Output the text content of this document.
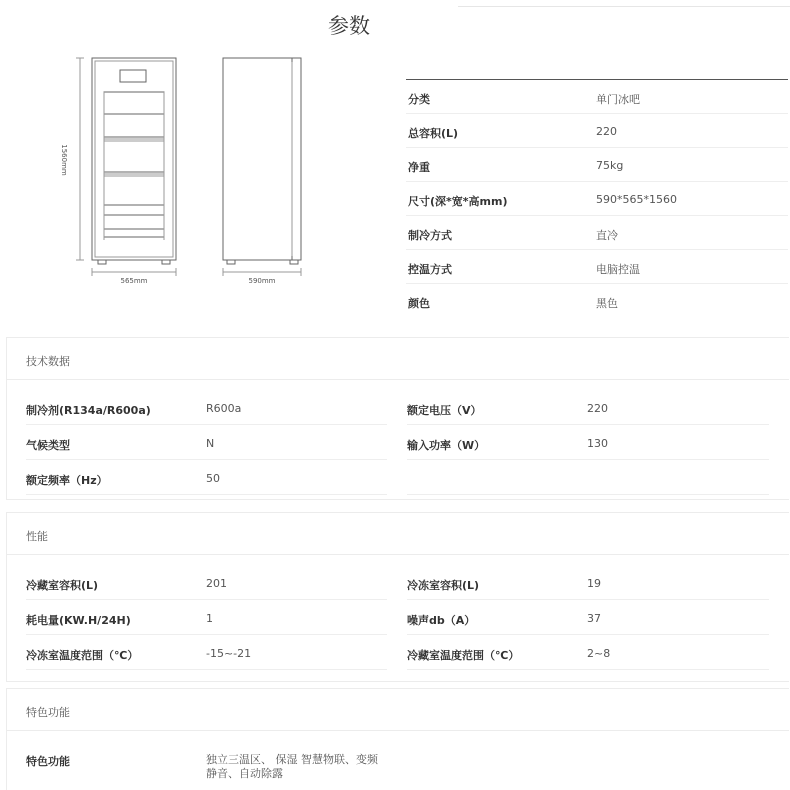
参数
1560mm
565mm	590mm
分类	单门冰吧
总容积(L)	220
净重	75kg
尺寸(深*宽*高mm)	590*565*1560
制冷方式	直冷
控温方式	电脑控温
颜色	黑色
技术数据
制冷剂(R134a/R600a)	R600a	额定电压（V）	220
气候类型	N	输入功率（W）	130
额定频率（Hz）	50
性能
冷藏室容积(L)	201	冷冻室容积(L)	19
耗电量(KW.H/24H)	1	噪声db（A）	37
冷冻室温度范围（℃）	-15~-21	冷藏室温度范围（℃）	2~8
特色功能
特色功能	独立三温区、 保湿 智慧物联、变频静音、自动除露
